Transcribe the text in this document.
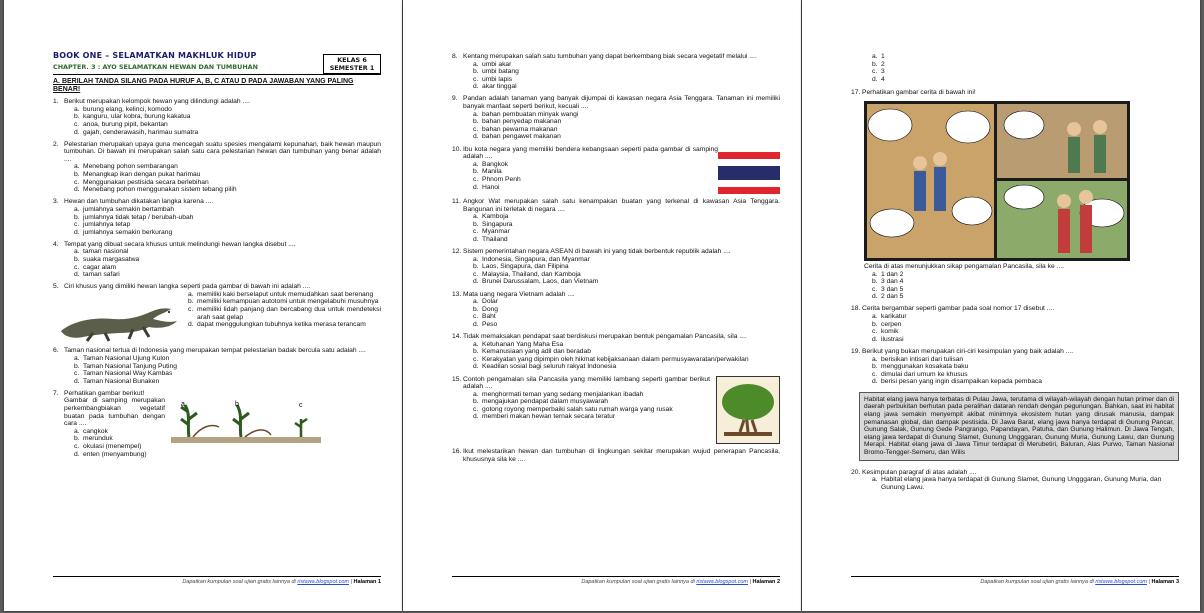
BOOK ONE – SELAMATKAN MAKHLUK HIDUP
CHAPTER. 3 : AYO SELAMATKAN HEWAN DAN TUMBUHAN
KELAS 6
SEMESTER 1
A. BERILAH TANDA SILANG PADA HURUF A, B, C ATAU D PADA JAWABAN YANG PALING BENAR!
1. Berikut merupakan kelompok hewan yang dilindungi adalah ....
a. burung elang, kelinci, komodo
b. kanguru, ular kobra, burung kakatua
c. anoa, burung pipit, bekantan
d. gajah, cenderawasih, harimau sumatra
2. Pelestarian merupakan upaya guna mencegah suatu spesies mengalami kepunahan, baik hewan maupun tumbuhan. Di bawah ini merupakan salah satu cara pelestarian hewan dan tumbuhan yang benar adalah ....
a. Menebang pohon sembarangan
b. Menangkap ikan dengan pukat harimau
c. Menggunakan pestisida secara berlebihan
d. Menebang pohon menggunakan sistem tebang pilih
3. Hewan dan tumbuhan dikatakan langka karena ....
a. jumlahnya semakin bertambah
b. jumlahnya tidak tetap / berubah-ubah
c. jumlahnya tetap
d. jumlahnya semakin berkurang
4. Tempat yang dibuat secara khusus untuk melindungi hewan langka disebut ....
a. taman nasional
b. suaka margasatwa
c. cagar alam
d. taman safari
5. Ciri khusus yang dimiliki hewan langka seperti pada gambar di bawah ini adalah ....
a. memiliki kaki berselaput untuk memudahkan saat berenang
b. memiliki kemampuan autotomi untuk mengelabuhi musuhnya
c. memiliki lidah panjang dan bercabang dua untuk mendeteksi arah saat gelap
d. dapat menggulungkan tubuhnya ketika merasa terancam
6. Taman nasional tertua di Indonesia yang merupakan tempat pelestarian badak bercula satu adalah ....
a. Taman Nasional Ujung Kulon
b. Taman Nasional Tanjung Puting
c. Taman Nasional Way Kambas
d. Taman Nasional Bunaken
7. Perhatikan gambar berikut!
Gambar di samping merupakan perkembangbiakan vegetatif buatan pada tumbuhan dengan cara ....
a. cangkok
b. merunduk
c. okulasi (menempel)
d. enten (menyambung)
a	b	c
Dapatkan kumpulan soal ujian gratis lainnya di ristawa.blogspot.com | Halaman 1
8. Kentang merupakan salah satu tumbuhan yang dapat berkembang biak secara vegetatif melalui ....
a. umbi akar
b. umbi batang
c. umbi lapis
d. akar tinggal
9. Pandan adalah tanaman yang banyak dijumpai di kawasan negara Asia Tenggara. Tanaman ini memiliki banyak manfaat seperti berikut, kecuali ....
a. bahan pembuatan minyak wangi
b. bahan penyedap makanan
c. bahan pewarna makanan
d. bahan pengawet makanan
10. Ibu kota negara yang memiliki bendera kebangsaan seperti pada gambar di samping adalah ....
a. Bangkok
b. Manila
c. Phnom Penh
d. Hanoi
11. Angkor Wat merupakan salah satu kenampakan buatan yang terkenal di kawasan Asia Tenggara. Bangunan ini terletak di negara ....
a. Kamboja
b. Singapura
c. Myanmar
d. Thailand
12. Sistem pemerintahan negara ASEAN di bawah ini yang tidak berbentuk republik adalah ....
a. Indonesia, Singapura, dan Myanmar
b. Laos, Singapura, dan Filipina
c. Malaysia, Thailand, dan Kamboja
d. Brunei Darussalam, Laos, dan Vietnam
13. Mata uang negara Vietnam adalah ....
a. Dolar
b. Dong
c. Baht
d. Peso
14. Tidak memaksakan pendapat saat berdiskusi merupakan bentuk pengamalan Pancasila, sila ....
a. Ketuhanan Yang Maha Esa
b. Kemanusiaan yang adil dan beradab
c. Kerakyatan yang dipimpin oleh hikmat kebijaksanaan dalam permusyawaratan/perwakilan
d. Keadilan sosial bagi seluruh rakyat Indonesia
15. Contoh pengamalan sila Pancasila yang memiliki lambang seperti gambar berikut adalah ....
a. menghormati teman yang sedang menjalankan ibadah
b. mengajukan pendapat dalam musyawarah
c. gotong royong memperbaiki salah satu rumah warga yang rusak
d. memberi makan hewan ternak secara teratur
16. Ikut melestarikan hewan dan tumbuhan di lingkungan sekitar merupakan wujud penerapan Pancasila, khususnya sila ke ....
Dapatkan kumpulan soal ujian gratis lainnya di ristawa.blogspot.com | Halaman 2
a. 1
b. 2
c. 3
d. 4
17. Perhatikan gambar cerita di bawah ini!
Cerita di atas menunjukkan sikap pengamalan Pancasila, sila ke ....
a. 1 dan 2
b. 3 dan 4
c. 3 dan 5
d. 2 dan 5
18. Cerita bergambar seperti gambar pada soal nomor 17 disebut ....
a. karikatur
b. cerpen
c. komik
d. ilustrasi
19. Berikut yang bukan merupakan ciri-ciri kesimpulan yang baik adalah ....
a. berisikan intisari dari tulisan
b. menggunakan kosakata baku
c. dimulai dari umum ke khusus
d. berisi pesan yang ingin disampaikan kepada pembaca
Habitat elang jawa hanya terbatas di Pulau Jawa, terutama di wilayah-wilayah dengan hutan primer dan di daerah perbukitan berhutan pada peralihan dataran rendah dengan pegunungan. Bahkan, saat ini habitat elang jawa semakin menyempit akibat minimnya ekosistem hutan yang dirusak manusia, dampak pemanasan global, dan dampak pestisida. Di Jawa Barat, elang jawa hanya terdapat di Gunung Pancar, Gunung Salak, Gunung Gede Pangrango, Papandayan, Patuha, dan Gunung Halimun. Di Jawa Tengah, elang jawa terdapat di Gunung Slamet, Gunung Ungggaran, Gunung Muria, Gunung Lawu, dan Gunung Merapi. Habitat elang jawa di Jawa Timur terdapat di Merubetiri, Baluran, Alas Purwo, Taman Nasional Bromo-Tengger-Semeru, dan Wilis
20. Kesimpulan paragraf di atas adalah ....
a. Habitat elang jawa hanya terdapat di Gunung Slamet, Gunung Ungggaran, Gunung Muria, dan Gunung Lawu.
Dapatkan kumpulan soal ujian gratis lainnya di ristawa.blogspot.com | Halaman 3
